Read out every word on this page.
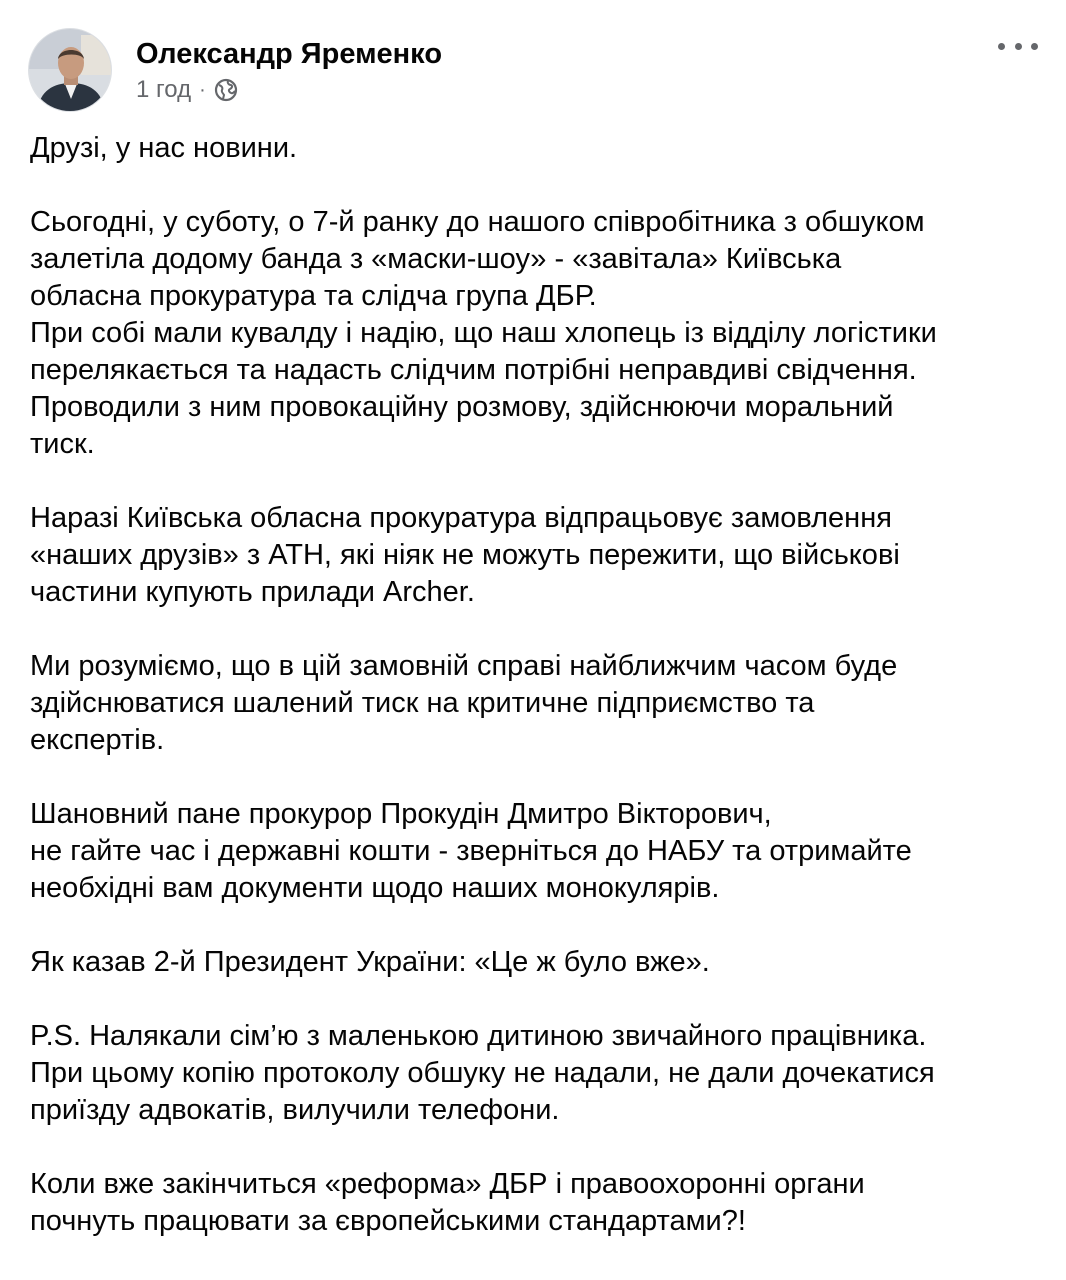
Олександр Яременко
1 год ·

Друзі, у нас новини.

Сьогодні, у суботу, о 7-й ранку до нашого співробітника з обшуком
залетіла додому банда з «маски-шоу» - «завітала» Київська
обласна прокуратура та слідча група ДБР.
При собі мали кувалду і надію, що наш хлопець із відділу логістики
перелякається та надасть слідчим потрібні неправдиві свідчення.
Проводили з ним провокаційну розмову, здійснюючи моральний
тиск.

Наразі Київська обласна прокуратура відпрацьовує замовлення
«наших друзів» з АТН, які ніяк не можуть пережити, що військові
частини купують прилади Archer.

Ми розуміємо, що в цій замовній справі найближчим часом буде
здійснюватися шалений тиск на критичне підприємство та
експертів.

Шановний пане прокурор Прокудін Дмитро Вікторович,
не гайте час і державні кошти - зверніться до НАБУ та отримайте
необхідні вам документи щодо наших монокулярів.

Як казав 2-й Президент України: «Це ж було вже».

P.S. Налякали сім’ю з маленькою дитиною звичайного працівника.
При цьому копію протоколу обшуку не надали, не дали дочекатися
приїзду адвокатів, вилучили телефони.

Коли вже закінчиться «реформа» ДБР і правоохоронні органи
почнуть працювати за європейськими стандартами?!
